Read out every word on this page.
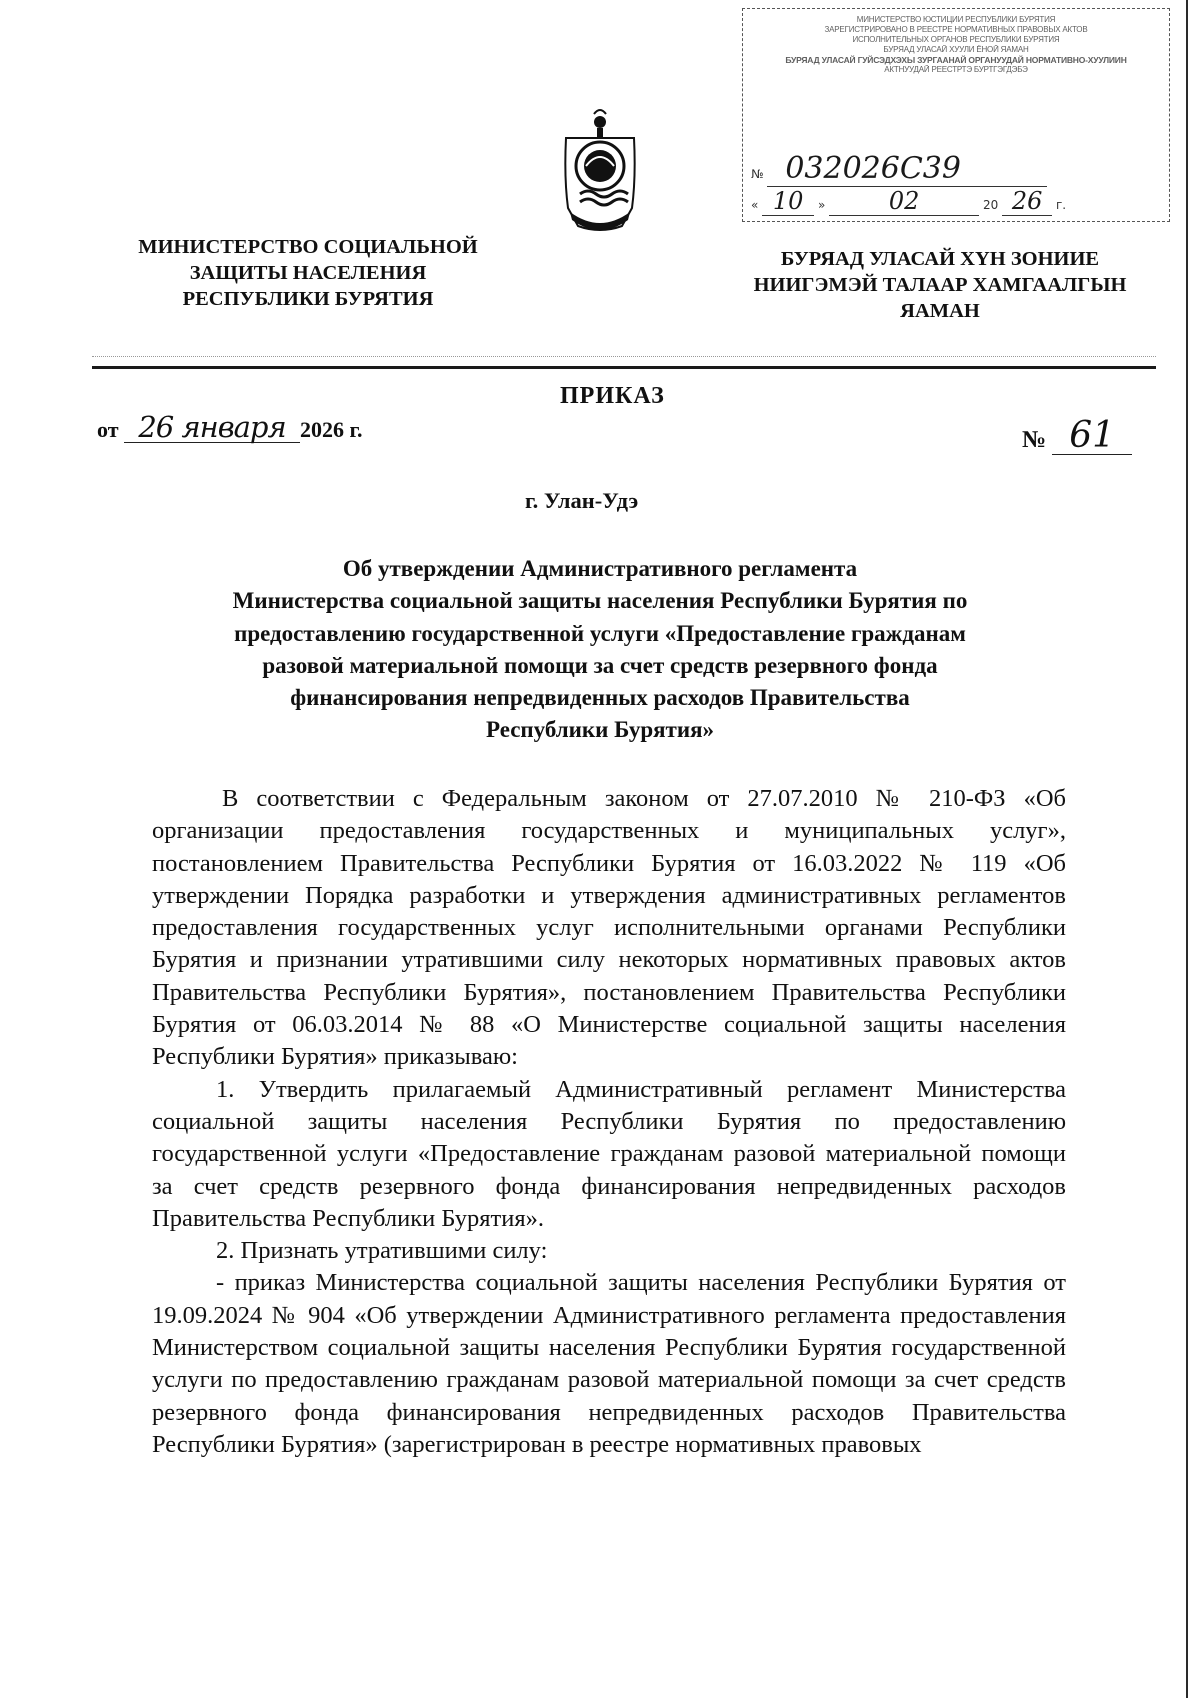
МИНИСТЕРСТВО ЮСТИЦИИ РЕСПУБЛИКИ БУРЯТИЯ
ЗАРЕГИСТРИРОВАНО В РЕЕСТРЕ НОРМАТИВНЫХ ПРАВОВЫХ АКТОВ
ИСПОЛНИТЕЛЬНЫХ ОРГАНОВ РЕСПУБЛИКИ БУРЯТИЯ
БУРЯАД УЛАСАЙ ХУУЛИ ЁНОЙ ЯАМАН
БУРЯАД УЛАСАЙ ГУЙСЭДХЭХЫ ЗУРГААНАЙ ОРГАНУУДАЙ НОРМАТИВНО-ХУУЛИИН
АКТНУУДАЙ РЕЕСТРТЭ БУРТГЭГДЭБЭ
№ 032026С39
« 10 »	02	20 26 г.
МИНИСТЕРСТВО СОЦИАЛЬНОЙ
ЗАЩИТЫ НАСЕЛЕНИЯ
РЕСПУБЛИКИ БУРЯТИЯ
БУРЯАД УЛАСАЙ ХҮН ЗОНИИЕ
НИИГЭМЭЙ ТАЛААР ХАМГААЛГЫН
ЯАМАН
ПРИКАЗ
от 26 января 2026 г.	№ 61
г. Улан-Удэ
Об утверждении Административного регламента
Министерства социальной защиты населения Республики Бурятия по
предоставлению государственной услуги «Предоставление гражданам
разовой материальной помощи за счет средств резервного фонда
финансирования непредвиденных расходов Правительства
Республики Бурятия»

В соответствии с Федеральным законом от 27.07.2010 № 210-ФЗ «Об организации предоставления государственных и муниципальных услуг», постановлением Правительства Республики Бурятия от 16.03.2022 № 119 «Об утверждении Порядка разработки и утверждения административных регламентов предоставления государственных услуг исполнительными органами Республики Бурятия и признании утратившими силу некоторых нормативных правовых актов Правительства Республики Бурятия», постановлением Правительства Республики Бурятия от 06.03.2014 № 88 «О Министерстве социальной защиты населения Республики Бурятия» приказываю:

1. Утвердить прилагаемый Административный регламент Министерства социальной защиты населения Республики Бурятия по предоставлению государственной услуги «Предоставление гражданам разовой материальной помощи за счет средств резервного фонда финансирования непредвиденных расходов Правительства Республики Бурятия».

2. Признать утратившими силу:

- приказ Министерства социальной защиты населения Республики Бурятия от 19.09.2024 № 904 «Об утверждении Административного регламента предоставления Министерством социальной защиты населения Республики Бурятия государственной услуги по предоставлению гражданам разовой материальной помощи за счет средств резервного фонда финансирования непредвиденных расходов Правительства Республики Бурятия» (зарегистрирован в реестре нормативных правовых
